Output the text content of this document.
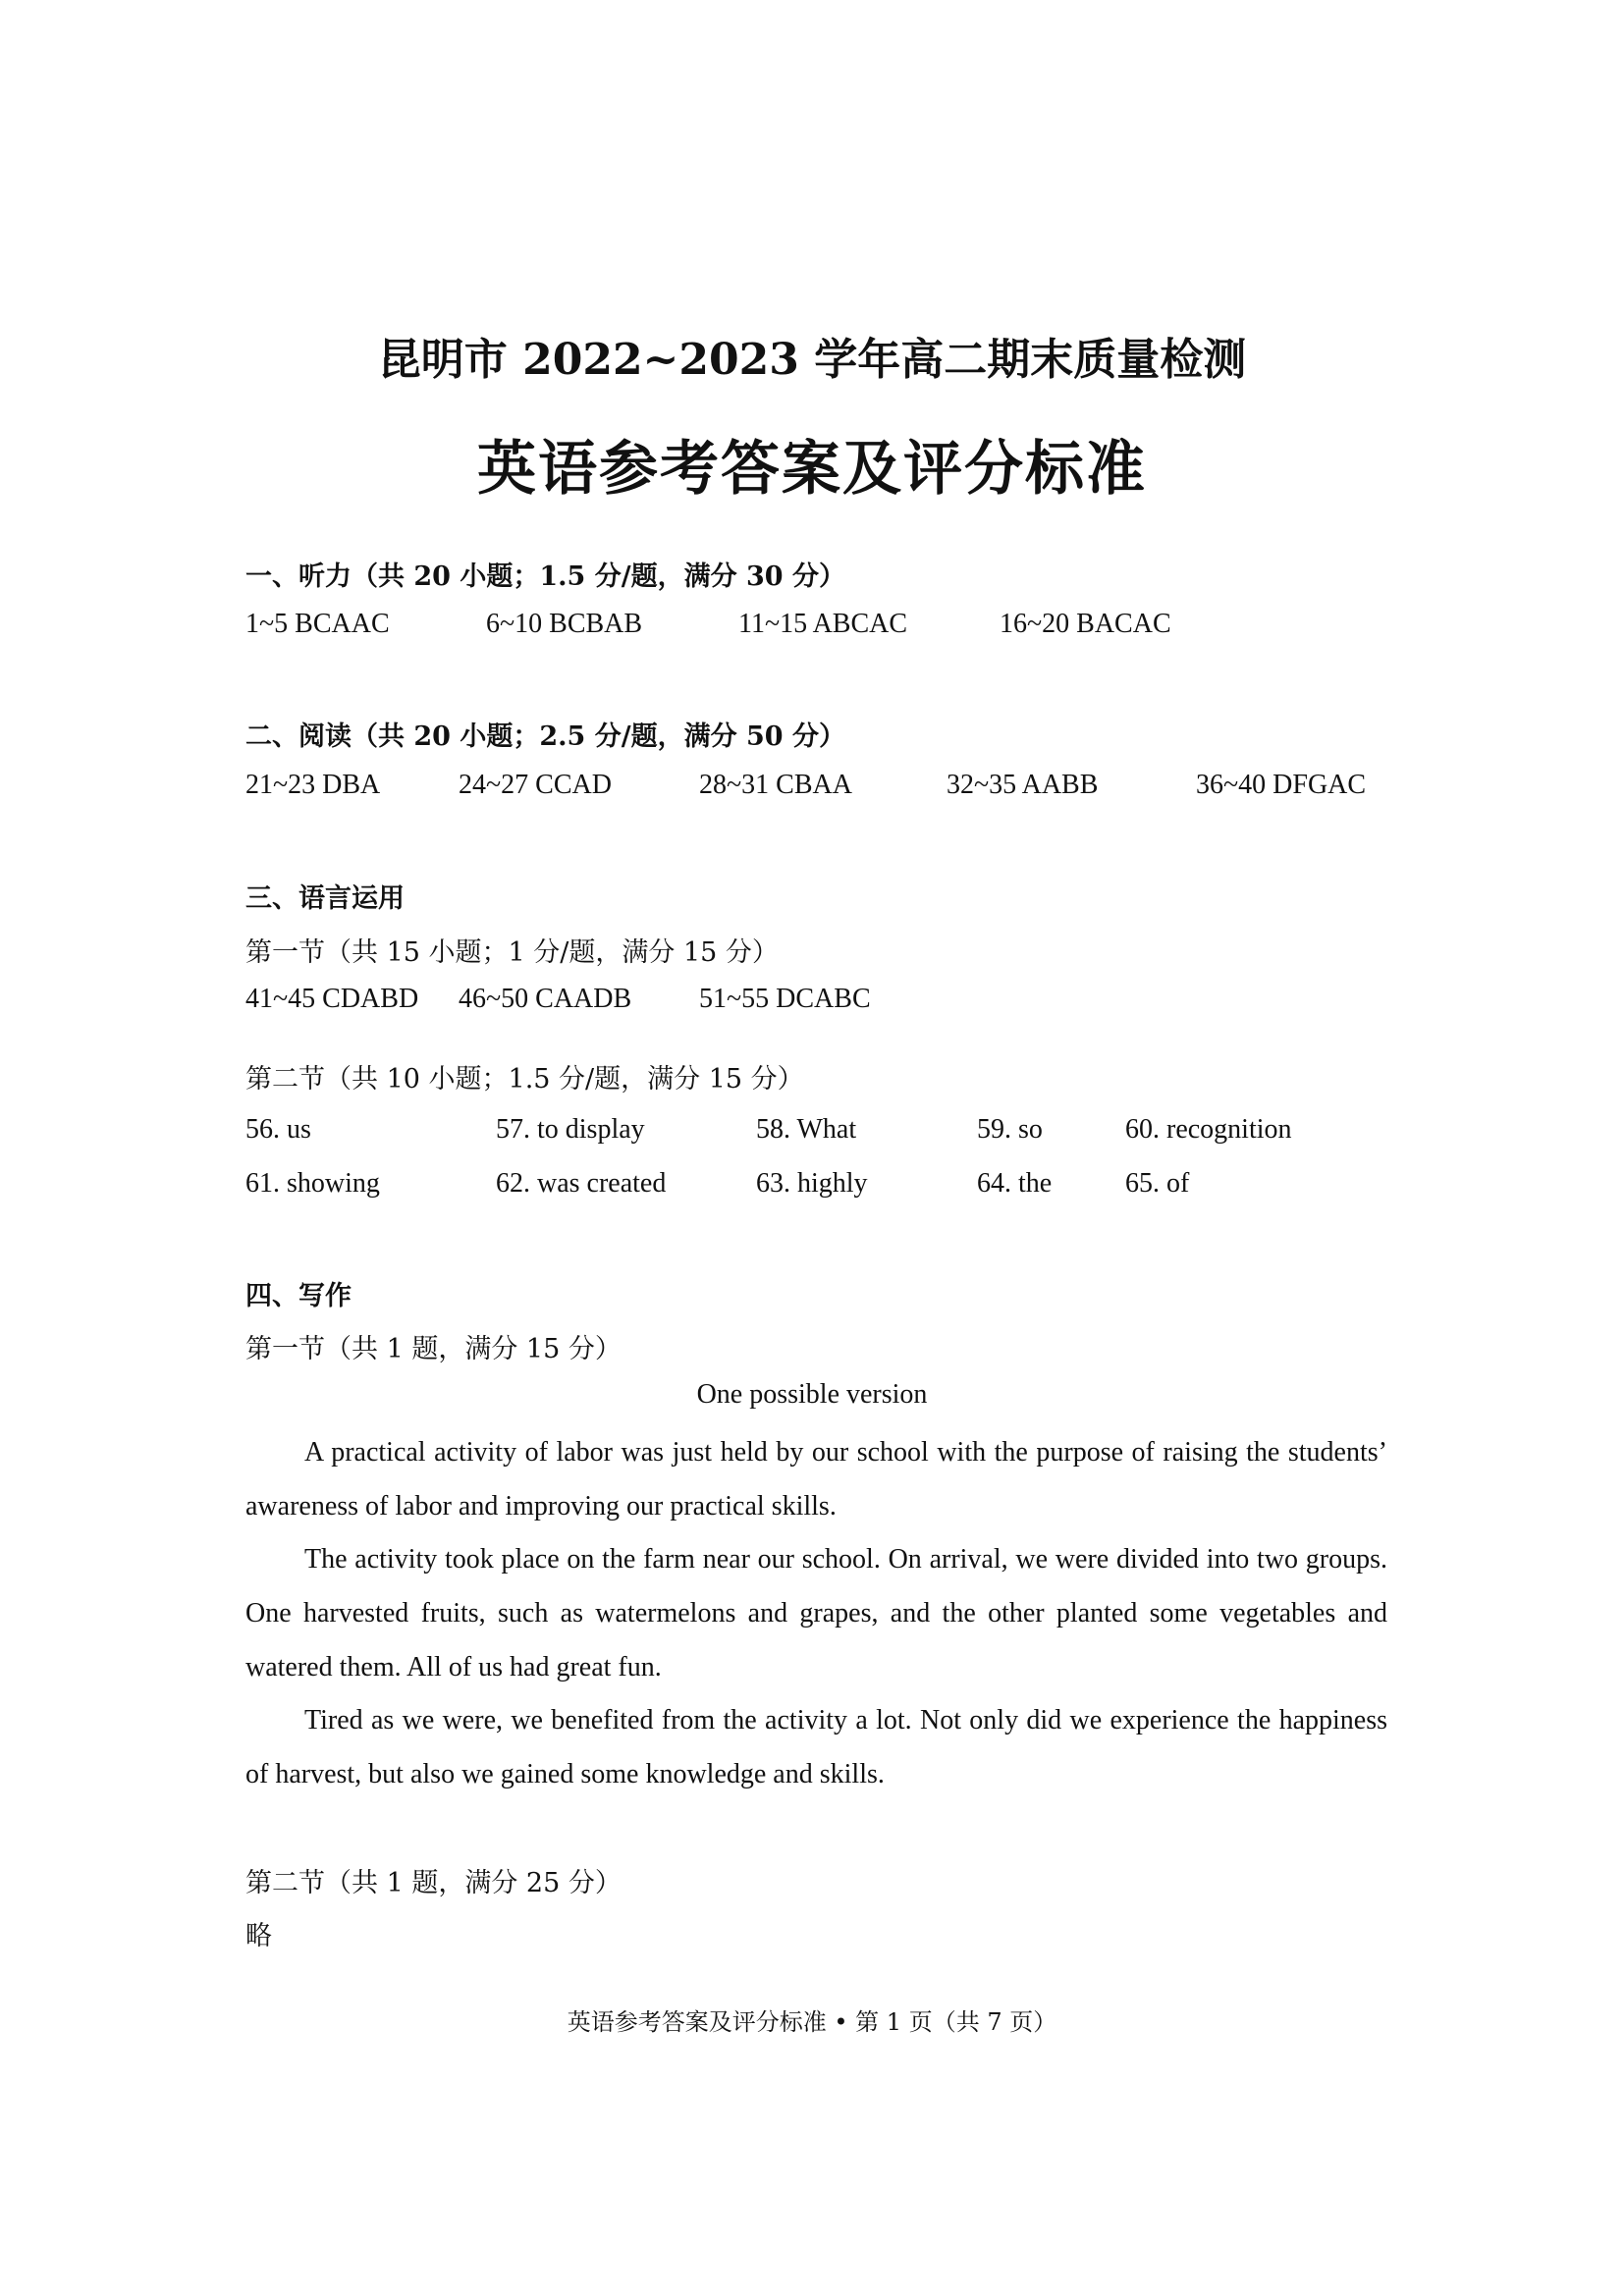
昆明市 2022~2023 学年高二期末质量检测
英语参考答案及评分标准
一、听力（共 20 小题；1.5 分/题，满分 30 分）
1~5 BCAAC	6~10 BCBAB	11~15 ABCAC	16~20 BACAC
二、阅读（共 20 小题；2.5 分/题，满分 50 分）
21~23 DBA	24~27 CCAD	28~31 CBAA	32~35 AABB	36~40 DFGAC
三、语言运用
第一节（共 15 小题；1 分/题，满分 15 分）
41~45 CDABD 46~50 CAADB 51~55 DCABC
第二节（共 10 小题；1.5 分/题，满分 15 分）
56. us	57. to display	58. What	59. so	60. recognition
61. showing	62. was created	63. highly	64. the	65. of
四、写作
第一节（共 1 题，满分 15 分）
One possible version

A practical activity of labor was just held by our school with the purpose of raising the students’ awareness of labor and improving our practical skills.

The activity took place on the farm near our school. On arrival, we were divided into two groups. One harvested fruits, such as watermelons and grapes, and the other planted some vegetables and watered them. All of us had great fun.

Tired as we were, we benefited from the activity a lot. Not only did we experience the happiness of harvest, but also we gained some knowledge and skills.

第二节（共 1 题，满分 25 分）
略
英语参考答案及评分标准 • 第 1 页（共 7 页）
